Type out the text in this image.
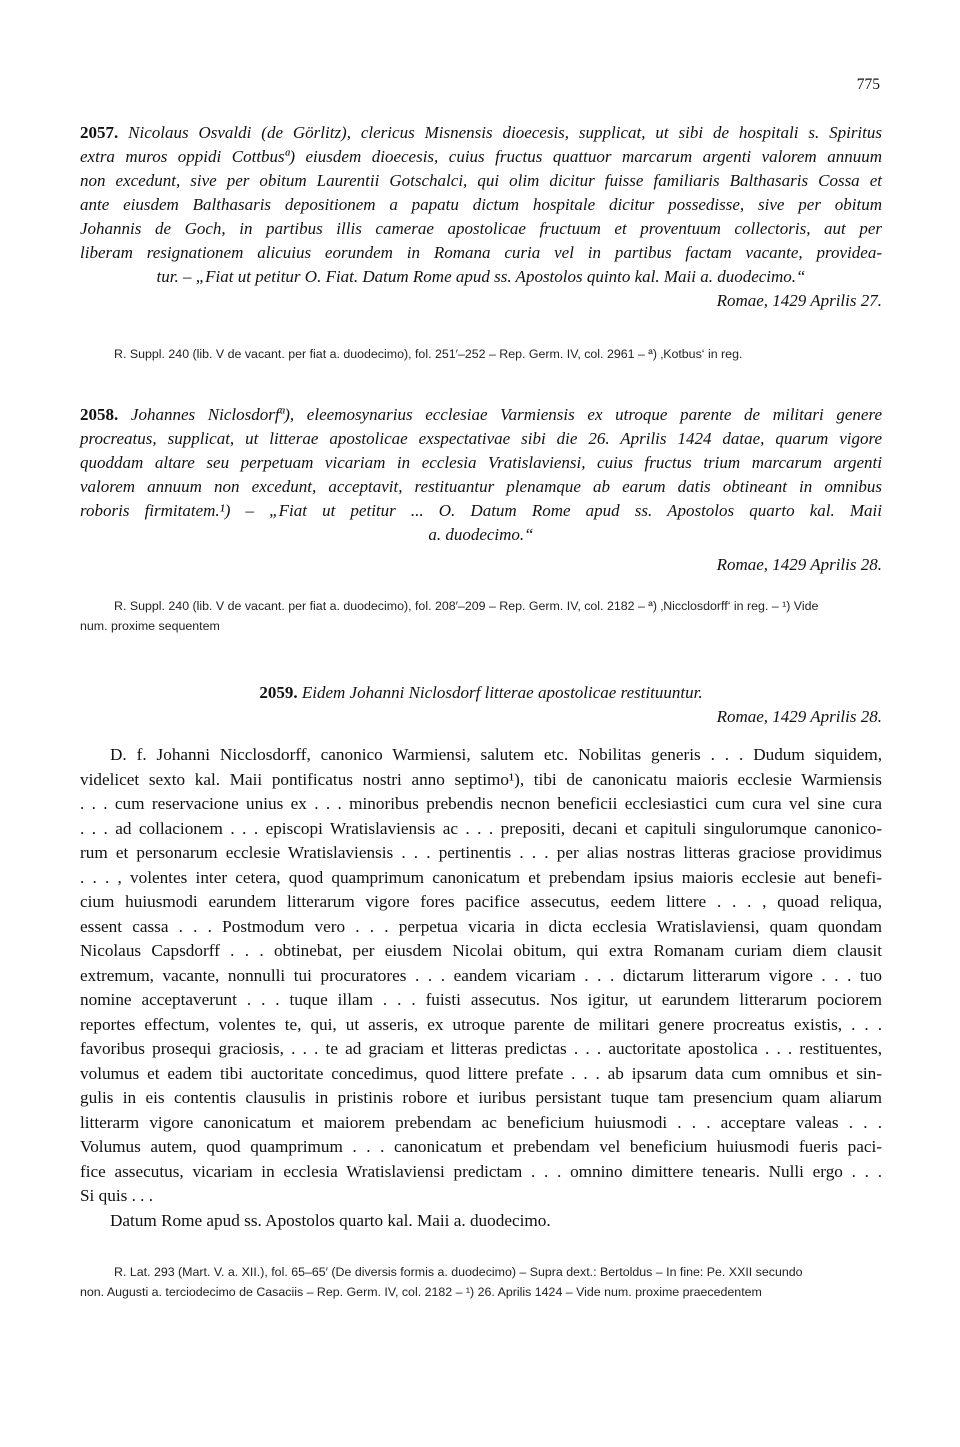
775
2057. Nicolaus Osvaldi (de Görlitz), clericus Misnensis dioecesis, supplicat, ut sibi de hospitali s. Spiritus
extra muros oppidi Cottbusª) eiusdem dioecesis, cuius fructus quattuor marcarum argenti valorem annuum
non excedunt, sive per obitum Laurentii Gotschalci, qui olim dicitur fuisse familiaris Balthasaris Cossa et
ante eiusdem Balthasaris depositionem a papatu dictum hospitale dicitur possedisse, sive per obitum
Johannis de Goch, in partibus illis camerae apostolicae fructuum et proventuum collectoris, aut per
liberam resignationem alicuius eorundem in Romana curia vel in partibus factam vacante, providea-
tur. – „Fiat ut petitur O. Fiat. Datum Rome apud ss. Apostolos quinto kal. Maii a. duodecimo.“
Romae, 1429 Aprilis 27.
R. Suppl. 240 (lib. V de vacant. per fiat a. duodecimo), fol. 251′–252 – Rep. Germ. IV, col. 2961 – ª) ‚Kotbus‘ in reg.
2058. Johannes Niclosdorfª), eleemosynarius ecclesiae Varmiensis ex utroque parente de militari genere
procreatus, supplicat, ut litterae apostolicae exspectativae sibi die 26. Aprilis 1424 datae, quarum vigore
quoddam altare seu perpetuam vicariam in ecclesia Vratislaviensi, cuius fructus trium marcarum argenti
valorem annuum non excedunt, acceptavit, restituantur plenamque ab earum datis obtineant in omnibus
roboris firmitatem.¹) – „Fiat ut petitur ... O. Datum Rome apud ss. Apostolos quarto kal. Maii
a. duodecimo.“
Romae, 1429 Aprilis 28.
R. Suppl. 240 (lib. V de vacant. per fiat a. duodecimo), fol. 208′–209 – Rep. Germ. IV, col. 2182 – ª) ‚Nicclosdorff‘ in reg. – ¹) Vide
num. proxime sequentem
2059. Eidem Johanni Niclosdorf litterae apostolicae restituuntur.
Romae, 1429 Aprilis 28.
D. f. Johanni Nicclosdorff, canonico Warmiensi, salutem etc. Nobilitas generis . . . Dudum siquidem,
videlicet sexto kal. Maii pontificatus nostri anno septimo¹), tibi de canonicatu maioris ecclesie Warmiensis
. . . cum reservacione unius ex . . . minoribus prebendis necnon beneficii ecclesiastici cum cura vel sine cura
. . . ad collacionem . . . episcopi Wratislaviensis ac . . . prepositi, decani et capituli singulorumque canonico-
rum et personarum ecclesie Wratislaviensis . . . pertinentis . . . per alias nostras litteras graciose providimus
. . . , volentes inter cetera, quod quamprimum canonicatum et prebendam ipsius maioris ecclesie aut benefi-
cium huiusmodi earundem litterarum vigore fores pacifice assecutus, eedem littere . . . , quoad reliqua,
essent cassa . . . Postmodum vero . . . perpetua vicaria in dicta ecclesia Wratislaviensi, quam quondam
Nicolaus Capsdorff . . . obtinebat, per eiusdem Nicolai obitum, qui extra Romanam curiam diem clausit
extremum, vacante, nonnulli tui procuratores . . . eandem vicariam . . . dictarum litterarum vigore . . . tuo
nomine acceptaverunt . . . tuque illam . . . fuisti assecutus. Nos igitur, ut earundem litterarum pociorem
reportes effectum, volentes te, qui, ut asseris, ex utroque parente de militari genere procreatus existis, . . .
favoribus prosequi graciosis, . . . te ad graciam et litteras predictas . . . auctoritate apostolica . . . restituentes,
volumus et eadem tibi auctoritate concedimus, quod littere prefate . . . ab ipsarum data cum omnibus et sin-
gulis in eis contentis clausulis in pristinis robore et iuribus persistant tuque tam presencium quam aliarum
litterarm vigore canonicatum et maiorem prebendam ac beneficium huiusmodi . . . acceptare valeas . . .
Volumus autem, quod quamprimum . . . canonicatum et prebendam vel beneficium huiusmodi fueris paci-
fice assecutus, vicariam in ecclesia Wratislaviensi predictam . . . omnino dimittere tenearis. Nulli ergo . . .
Si quis . . .
Datum Rome apud ss. Apostolos quarto kal. Maii a. duodecimo.
R. Lat. 293 (Mart. V. a. XII.), fol. 65–65′ (De diversis formis a. duodecimo) – Supra dext.: Bertoldus – In fine: Pe. XXII secundo
non. Augusti a. terciodecimo de Casaciis – Rep. Germ. IV, col. 2182 – ¹) 26. Aprilis 1424 – Vide num. proxime praecedentem
